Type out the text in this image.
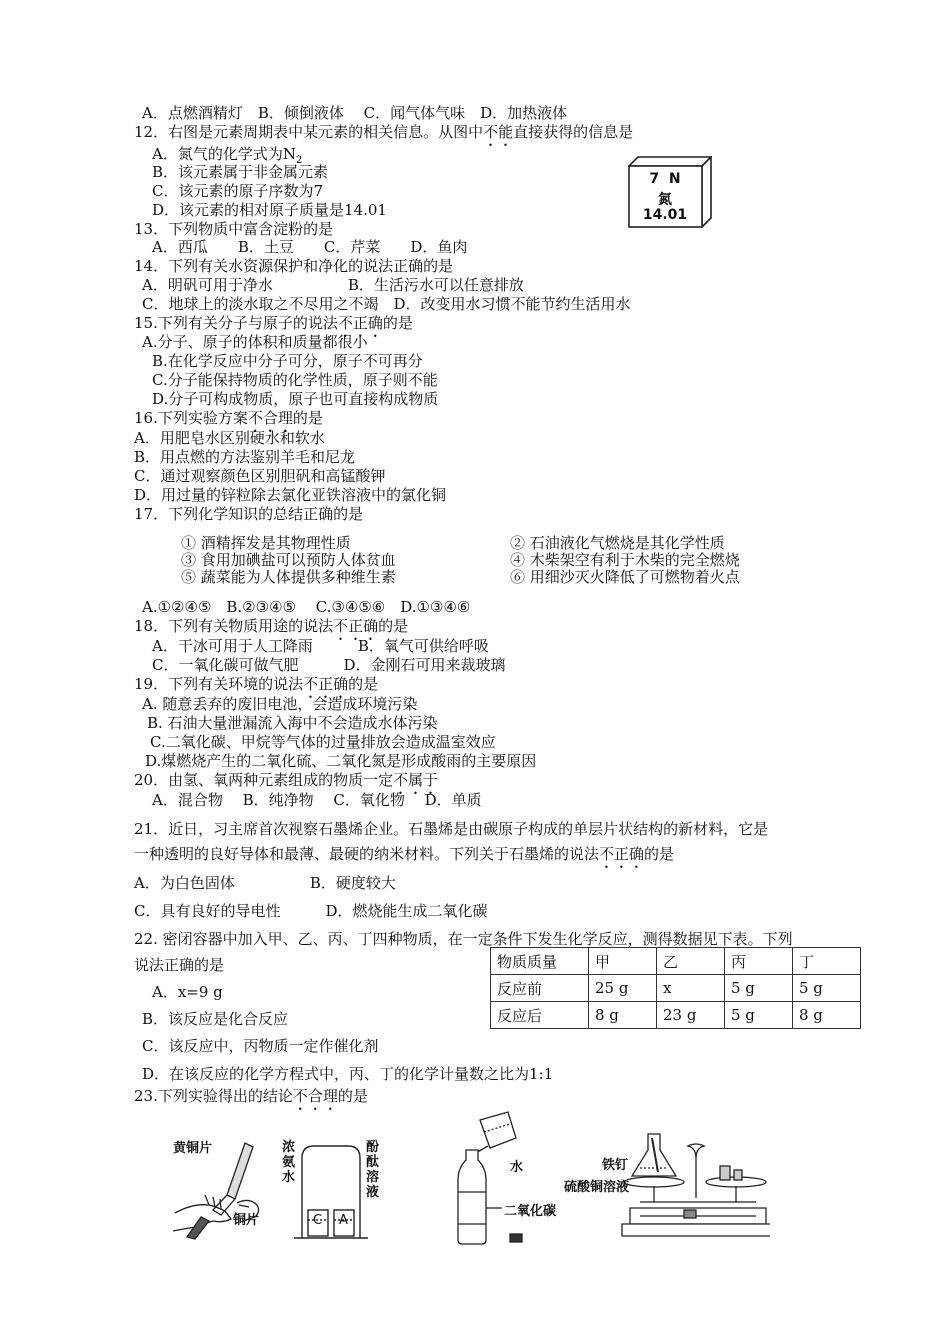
A．点燃酒精灯　B．倾倒液体　 C．闻气体气味　D．加热液体
12．右图是元素周期表中某元素的相关信息。从图中不能直接获得的信息是
A．氮气的化学式为$N_2$
B．该元素属于非金属元素
C．该元素的原子序数为7
D．该元素的相对原子质量是14.01
7 N
氮
14.01
13．下列物质中富含淀粉的是
A．西瓜　　B．土豆　　C．芹菜　　D．鱼肉
14．下列有关水资源保护和净化的说法正确的是
A．明矾可用于净水　　　　　B．生活污水可以任意排放
C．地球上的淡水取之不尽用之不竭　D．改变用水习惯不能节约生活用水
15.下列有关分子与原子的说法不正确的是
A.分子、原子的体积和质量都很小
B.在化学反应中分子可分，原子不可再分
C.分子能保持物质的化学性质，原子则不能
D.分子可构成物质，原子也可直接构成物质
16.下列实验方案不合理的是
A．用肥皂水区别硬水和软水
B．用点燃的方法鉴别羊毛和尼龙
C．通过观察颜色区别胆矾和高锰酸钾
D．用过量的锌粒除去氯化亚铁溶液中的氯化铜
17．下列化学知识的总结正确的是
① 酒精挥发是其物理性质	② 石油液化气燃烧是其化学性质
③ 食用加碘盐可以预防人体贫血	④ 木柴架空有利于木柴的完全燃烧
⑤ 蔬菜能为人体提供多种维生素	⑥ 用细沙灭火降低了可燃物着火点
A.①②④⑤　B.②③④⑤　 C.③④⑤⑥　D.①③④⑥
18．下列有关物质用途的说法不正确的是
A．干冰可用于人工降雨　　　B．氧气可供给呼吸
C．一氧化碳可做气肥　　　D．金刚石可用来裁玻璃
19．下列有关环境的说法不正确的是
A. 随意丢弃的废旧电池，会造成环境污染
B. 石油大量泄漏流入海中不会造成水体污染
C.二氧化碳、甲烷等气体的过量排放会造成温室效应
D.煤燃烧产生的二氧化硫、二氧化氮是形成酸雨的主要原因
20．由氢、氧两种元素组成的物质一定不属于
A．混合物　 B．纯净物　 C．氧化物　 D．单质
21．近日，习主席首次视察石墨烯企业。石墨烯是由碳原子构成的单层片状结构的新材料，它是
一种透明的良好导体和最薄、最硬的纳米材料。下列关于石墨烯的说法不正确的是
A．为白色固体　　　　　B．硬度较大
C．具有良好的导电性　　　D．燃烧能生成二氧化碳
22. 密闭容器中加入甲、乙、丙、丁四种物质，在一定条件下发生化学反应，测得数据见下表。下列
说法正确的是
A．x=9 g
B．该反应是化合反应
C．该反应中，丙物质一定作催化剂
D．在该反应的化学方程式中，丙、丁的化学计量数之比为1:1
物质质量	甲	乙	丙	丁
反应前	25 g	x	5 g	5 g
反应后	8 g	23 g	5 g	8 g
23.下列实验得出的结论不合理的是
黄铜片
铜片
浓氨水
酚酞溶液
C A
水
二氧化碳
铁钉
硫酸铜溶液
